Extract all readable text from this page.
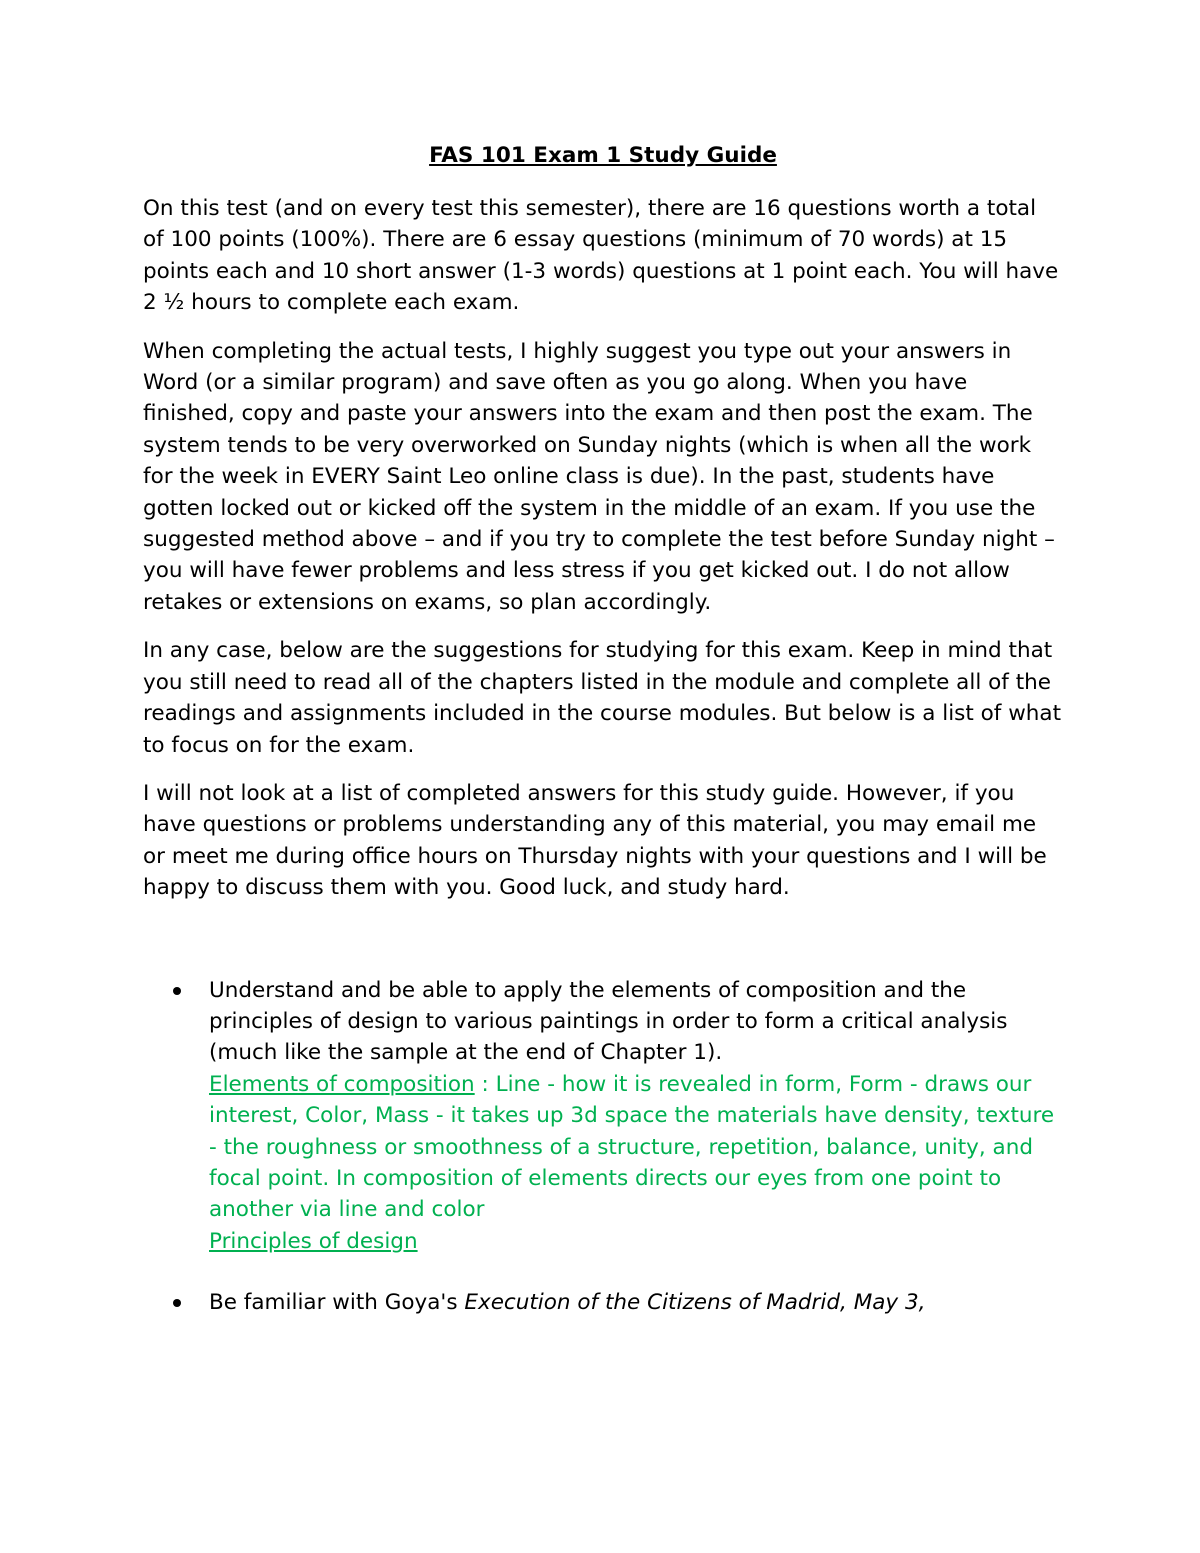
FAS 101 Exam 1 Study Guide

On this test (and on every test this semester), there are 16 questions worth a total of 100 points (100%). There are 6 essay questions (minimum of 70 words) at 15 points each and 10 short answer (1-3 words) questions at 1 point each. You will have 2 ½ hours to complete each exam.

When completing the actual tests, I highly suggest you type out your answers in Word (or a similar program) and save often as you go along. When you have finished, copy and paste your answers into the exam and then post the exam. The system tends to be very overworked on Sunday nights (which is when all the work for the week in EVERY Saint Leo online class is due). In the past, students have gotten locked out or kicked off the system in the middle of an exam. If you use the suggested method above – and if you try to complete the test before Sunday night – you will have fewer problems and less stress if you get kicked out. I do not allow retakes or extensions on exams, so plan accordingly.

In any case, below are the suggestions for studying for this exam. Keep in mind that you still need to read all of the chapters listed in the module and complete all of the readings and assignments included in the course modules. But below is a list of what to focus on for the exam.

I will not look at a list of completed answers for this study guide. However, if you have questions or problems understanding any of this material, you may email me or meet me during office hours on Thursday nights with your questions and I will be happy to discuss them with you. Good luck, and study hard.

Understand and be able to apply the elements of composition and the principles of design to various paintings in order to form a critical analysis (much like the sample at the end of Chapter 1).
Elements of composition : Line - how it is revealed in form, Form - draws our interest, Color, Mass - it takes up 3d space the materials have density, texture - the roughness or smoothness of a structure, repetition, balance, unity, and focal point. In composition of elements directs our eyes from one point to another via line and color
Principles of design
Be familiar with Goya's Execution of the Citizens of Madrid, May 3,
